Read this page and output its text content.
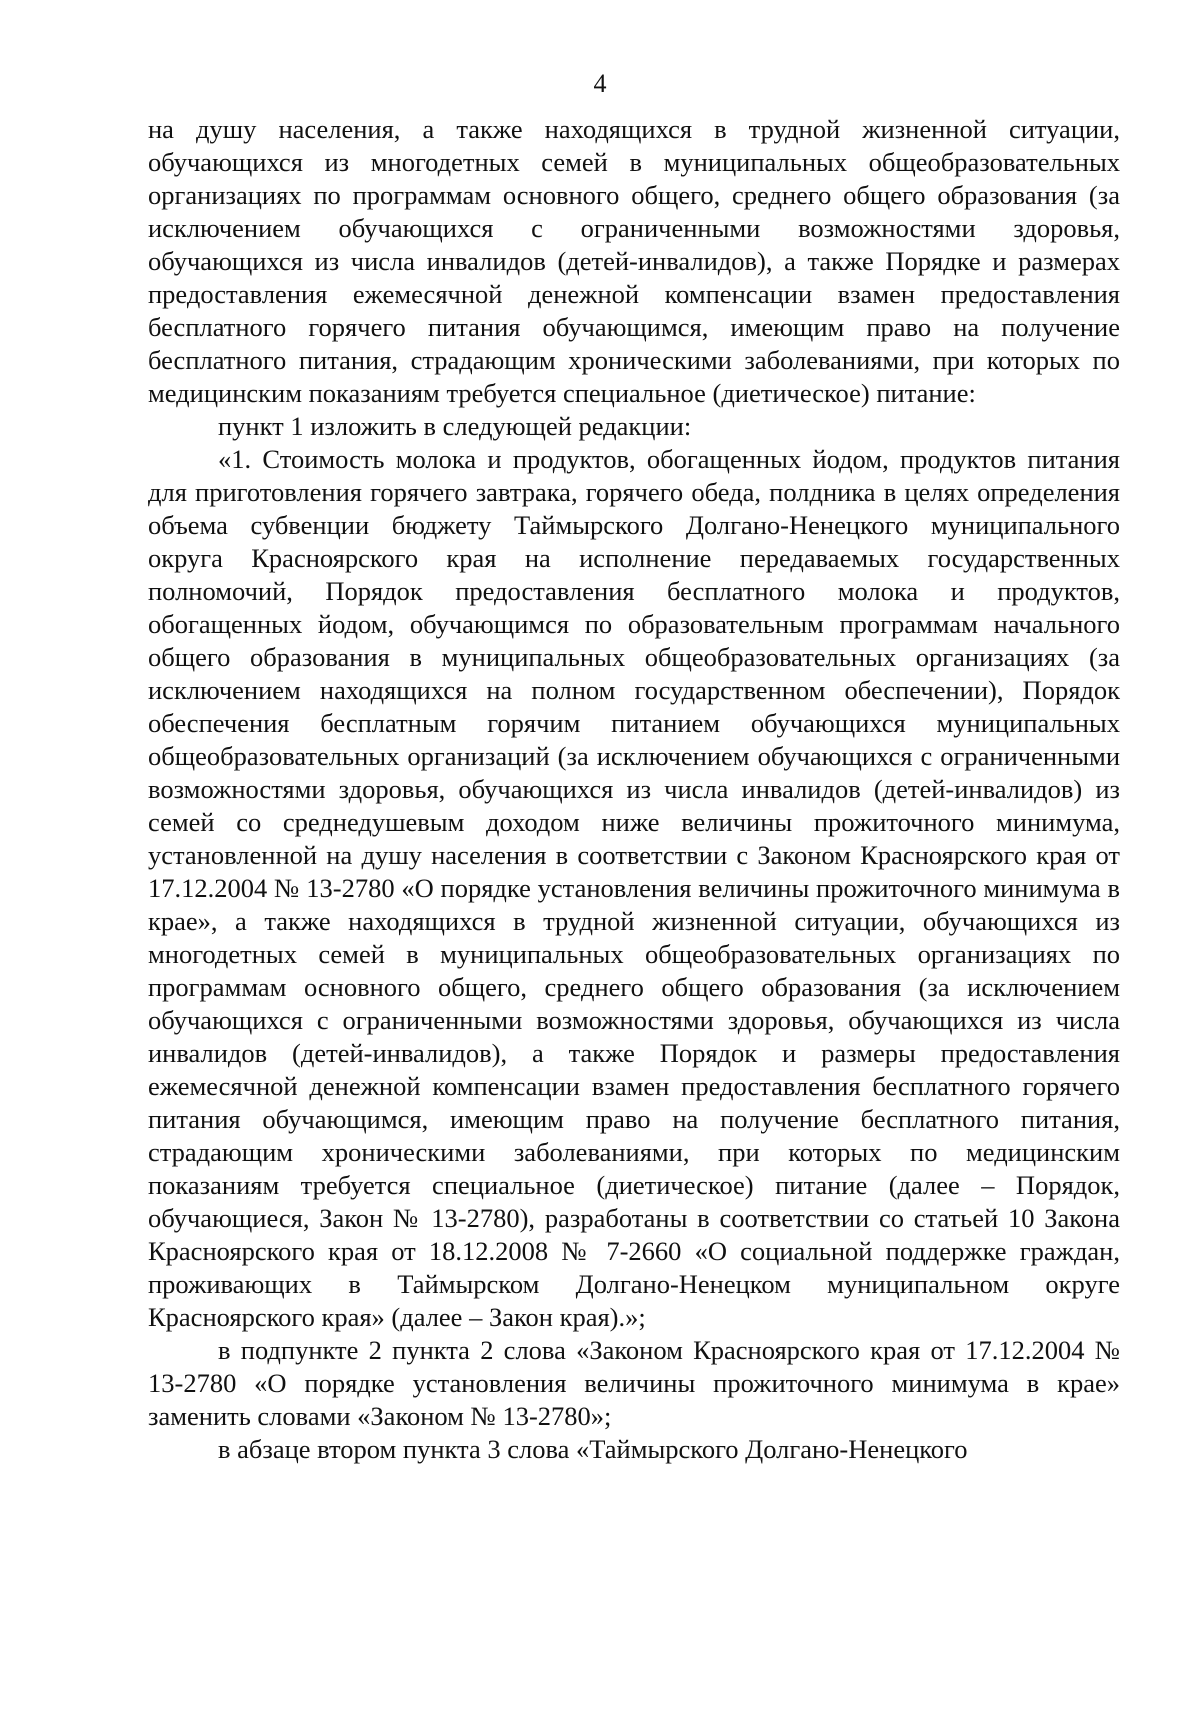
4

на душу населения, а также находящихся в трудной жизненной ситуации, обучающихся из многодетных семей в муниципальных общеобразовательных организациях по программам основного общего, среднего общего образования (за исключением обучающихся с ограниченными возможностями здоровья, обучающихся из числа инвалидов (детей-инвалидов), а также Порядке и размерах предоставления ежемесячной денежной компенсации взамен предоставления бесплатного горячего питания обучающимся, имеющим право на получение бесплатного питания, страдающим хроническими заболеваниями, при которых по медицинским показаниям требуется специальное (диетическое) питание:

пункт 1 изложить в следующей редакции:

«1. Стоимость молока и продуктов, обогащенных йодом, продуктов питания для приготовления горячего завтрака, горячего обеда, полдника в целях определения объема субвенции бюджету Таймырского Долгано-Ненецкого муниципального округа Красноярского края на исполнение передаваемых государственных полномочий, Порядок предоставления бесплатного молока и продуктов, обогащенных йодом, обучающимся по образовательным программам начального общего образования в муниципальных общеобразовательных организациях (за исключением находящихся на полном государственном обеспечении), Порядок обеспечения бесплатным горячим питанием обучающихся муниципальных общеобразовательных организаций (за исключением обучающихся с ограниченными возможностями здоровья, обучающихся из числа инвалидов (детей-инвалидов) из семей со среднедушевым доходом ниже величины прожиточного минимума, установленной на душу населения в соответствии с Законом Красноярского края от 17.12.2004 № 13-2780 «О порядке установления величины прожиточного минимума в крае», а также находящихся в трудной жизненной ситуации, обучающихся из многодетных семей в муниципальных общеобразовательных организациях по программам основного общего, среднего общего образования (за исключением обучающихся с ограниченными возможностями здоровья, обучающихся из числа инвалидов (детей-инвалидов), а также Порядок и размеры предоставления ежемесячной денежной компенсации взамен предоставления бесплатного горячего питания обучающимся, имеющим право на получение бесплатного питания, страдающим хроническими заболеваниями, при которых по медицинским показаниям требуется специальное (диетическое) питание (далее – Порядок, обучающиеся, Закон № 13-2780), разработаны в соответствии со статьей 10 Закона Красноярского края от 18.12.2008 № 7-2660 «О социальной поддержке граждан, проживающих в Таймырском Долгано-Ненецком муниципальном округе Красноярского края» (далее – Закон края).»;

в подпункте 2 пункта 2 слова «Законом Красноярского края от 17.12.2004 № 13-2780 «О порядке установления величины прожиточного минимума в крае» заменить словами «Законом № 13-2780»;

в абзаце втором пункта 3 слова «Таймырского Долгано-Ненецкого
